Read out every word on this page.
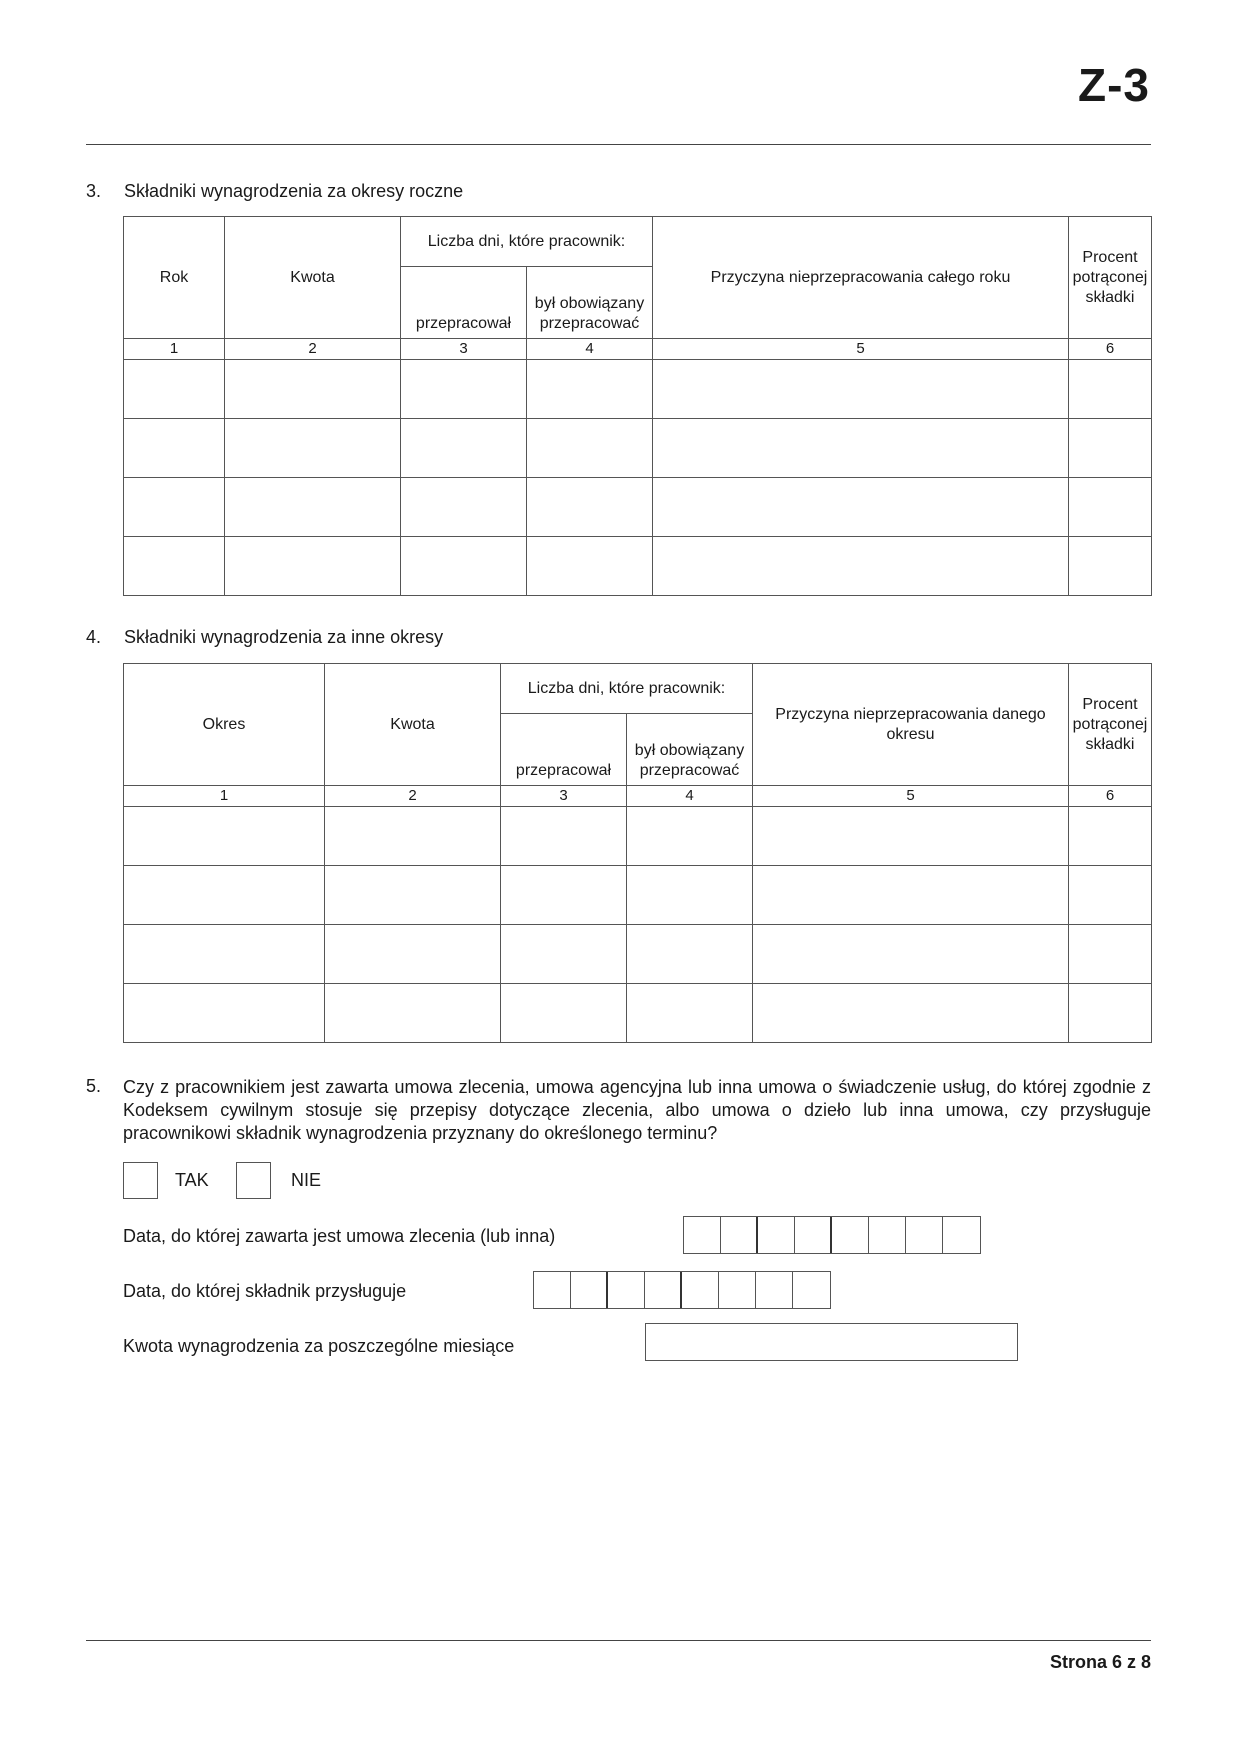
Z-3
3. Składniki wynagrodzenia za okresy roczne
Rok	Kwota	Liczba dni, które pracownik:		Przyczyna nieprzepracowania całego roku	Procent potrąconej składki
		przepracował	był obowiązany przepracować		
1	2	3	4	5	6

4. Składniki wynagrodzenia za inne okresy
Okres	Kwota	Liczba dni, które pracownik:		Przyczyna nieprzepracowania danego okresu	Procent potrąconej składki
		przepracował	był obowiązany przepracować		
1	2	3	4	5	6

5. Czy z pracownikiem jest zawarta umowa zlecenia, umowa agencyjna lub inna umowa o świadczenie usług, do której zgodnie z Kodeksem cywilnym stosuje się przepisy dotyczące zlecenia, albo umowa o dzieło lub inna umowa, czy przysługuje pracownikowi składnik wynagrodzenia przyznany do określonego terminu?
TAK	NIE
Data, do której zawarta jest umowa zlecenia (lub inna)
Data, do której składnik przysługuje
Kwota wynagrodzenia za poszczególne miesiące
Strona 6 z 8
